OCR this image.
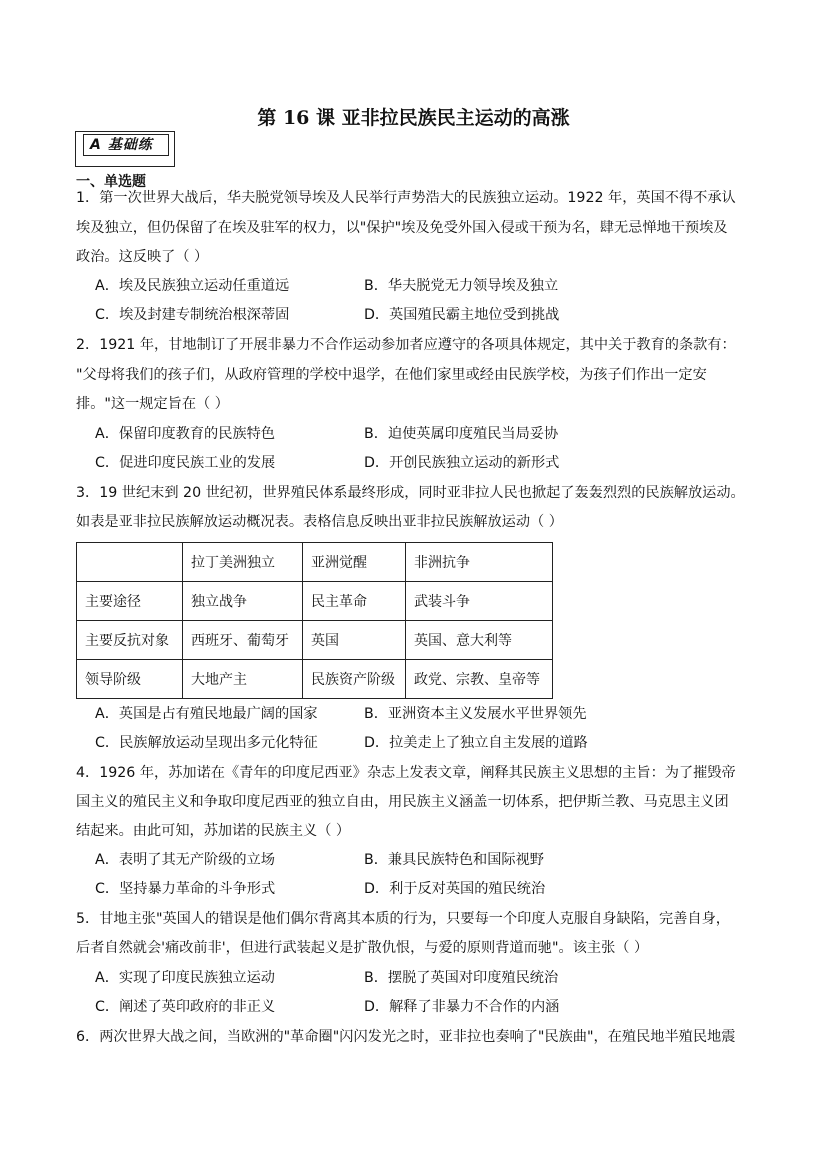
第 16 课 亚非拉民族民主运动的高涨
A 基础练
一、单选题
1．第一次世界大战后，华夫脱党领导埃及人民举行声势浩大的民族独立运动。1922 年，英国不得不承认
埃及独立，但仍保留了在埃及驻军的权力，以"保护"埃及免受外国入侵或干预为名，肆无忌惮地干预埃及
政治。这反映了（ ）
A．埃及民族独立运动任重道远	B．华夫脱党无力领导埃及独立
C．埃及封建专制统治根深蒂固	D．英国殖民霸主地位受到挑战
2．1921 年，甘地制订了开展非暴力不合作运动参加者应遵守的各项具体规定，其中关于教育的条款有：
"父母将我们的孩子们，从政府管理的学校中退学，在他们家里或经由民族学校，为孩子们作出一定安
排。"这一规定旨在（ ）
A．保留印度教育的民族特色	B．迫使英属印度殖民当局妥协
C．促进印度民族工业的发展	D．开创民族独立运动的新形式
3．19 世纪末到 20 世纪初，世界殖民体系最终形成，同时亚非拉人民也掀起了轰轰烈烈的民族解放运动。
如表是亚非拉民族解放运动概况表。表格信息反映出亚非拉民族解放运动（ ）
	拉丁美洲独立	亚洲觉醒	非洲抗争
主要途径	独立战争	民主革命	武装斗争
主要反抗对象	西班牙、葡萄牙	英国	英国、意大利等
领导阶级	大地产主	民族资产阶级	政党、宗教、皇帝等
A．英国是占有殖民地最广阔的国家	B．亚洲资本主义发展水平世界领先
C．民族解放运动呈现出多元化特征	D．拉美走上了独立自主发展的道路
4．1926 年，苏加诺在《青年的印度尼西亚》杂志上发表文章，阐释其民族主义思想的主旨：为了摧毁帝
国主义的殖民主义和争取印度尼西亚的独立自由，用民族主义涵盖一切体系，把伊斯兰教、马克思主义团
结起来。由此可知，苏加诺的民族主义（ ）
A．表明了其无产阶级的立场	B．兼具民族特色和国际视野
C．坚持暴力革命的斗争形式	D．利于反对英国的殖民统治
5．甘地主张"英国人的错误是他们偶尔背离其本质的行为，只要每一个印度人克服自身缺陷，完善自身，
后者自然就会'痛改前非'，但进行武装起义是扩散仇恨，与爱的原则背道而驰"。该主张（ ）
A．实现了印度民族独立运动	B．摆脱了英国对印度殖民统治
C．阐述了英印政府的非正义	D．解释了非暴力不合作的内涵
6．两次世界大战之间，当欧洲的"革命圈"闪闪发光之时，亚非拉也奏响了"民族曲"，在殖民地半殖民地震
